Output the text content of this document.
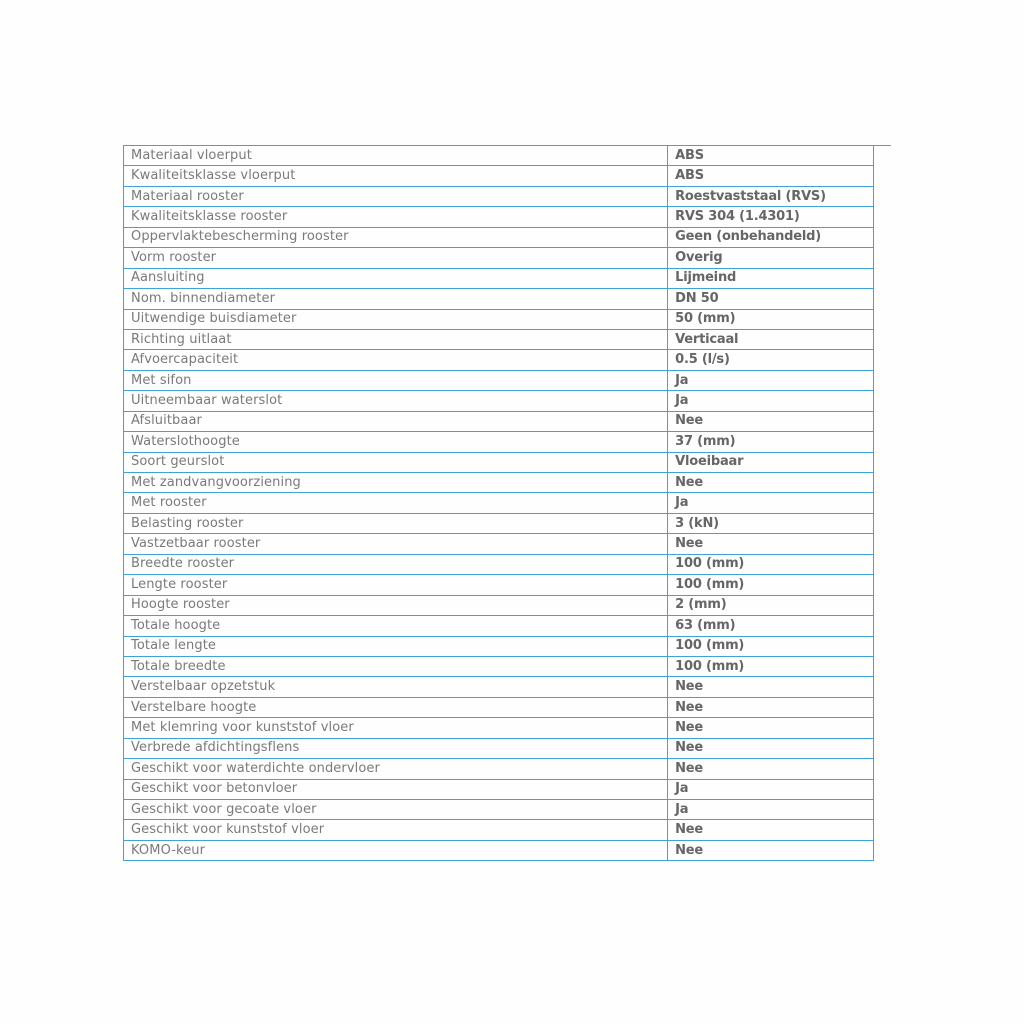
Materiaal vloerput	ABS
Kwaliteitsklasse vloerput	ABS
Materiaal rooster	Roestvaststaal (RVS)
Kwaliteitsklasse rooster	RVS 304 (1.4301)
Oppervlaktebescherming rooster	Geen (onbehandeld)
Vorm rooster	Overig
Aansluiting	Lijmeind
Nom. binnendiameter	DN 50
Uitwendige buisdiameter	50 (mm)
Richting uitlaat	Verticaal
Afvoercapaciteit	0.5 (l/s)
Met sifon	Ja
Uitneembaar waterslot	Ja
Afsluitbaar	Nee
Waterslothoogte	37 (mm)
Soort geurslot	Vloeibaar
Met zandvangvoorziening	Nee
Met rooster	Ja
Belasting rooster	3 (kN)
Vastzetbaar rooster	Nee
Breedte rooster	100 (mm)
Lengte rooster	100 (mm)
Hoogte rooster	2 (mm)
Totale hoogte	63 (mm)
Totale lengte	100 (mm)
Totale breedte	100 (mm)
Verstelbaar opzetstuk	Nee
Verstelbare hoogte	Nee
Met klemring voor kunststof vloer	Nee
Verbrede afdichtingsflens	Nee
Geschikt voor waterdichte ondervloer	Nee
Geschikt voor betonvloer	Ja
Geschikt voor gecoate vloer	Ja
Geschikt voor kunststof vloer	Nee
KOMO-keur	Nee
